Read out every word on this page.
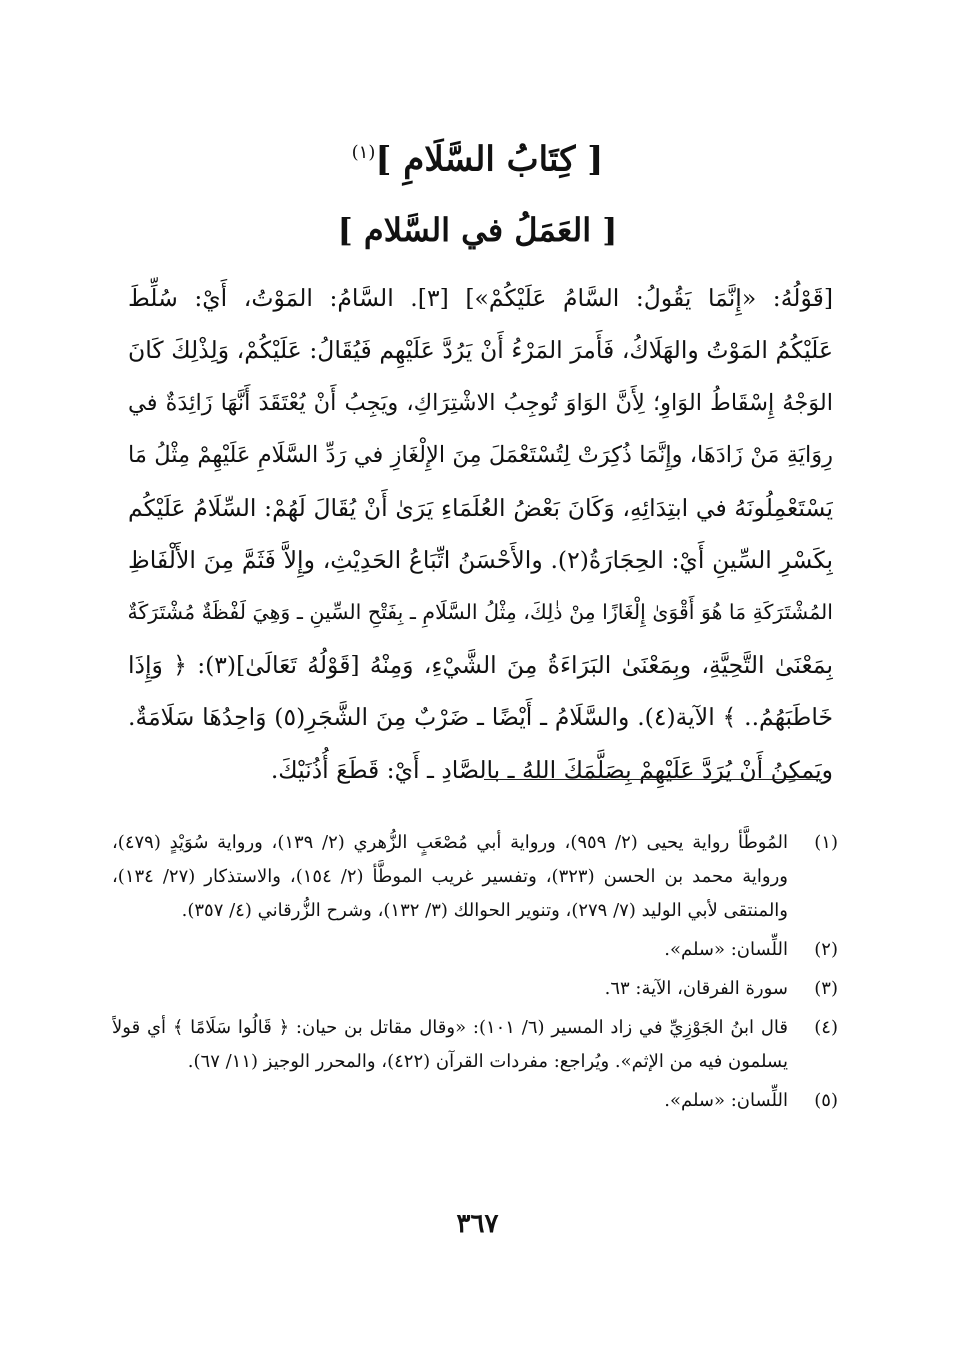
[ كِتَابُ السَّلَامِ ]$^{(١)}$
[ العَمَلُ في السَّلام ]
[قَوْلُهُ: «إِنَّمَا يَقُولُ: السَّامُ عَلَيْكُمْ»] [٣]. السَّامُ: المَوْتُ، أَيْ: سُلِّطَ
عَلَيْكُمُ المَوْتُ والهَلَاكُ، فَأَمرَ المَرْءُ أَنْ يَرُدَّ عَلَيْهِم فَيُقَالُ: عَلَيْكُمْ، وَلِذْلِكَ كَانَ
الوَجْهُ إِسْقَاطُ الوَاوِ؛ لِأَنَّ الوَاوَ تُوجِبُ الاشْتِرَاكِ، ويَجِبُ أَنْ يُعْتَقَدَ أَنَّهَا زَائِدَةٌ في
رِوَايَةِ مَنْ زَادَهَا، وإِنَّمَا ذُكِرَتْ لِتُسْتَعْمَلَ مِنَ الإِلْغَازِ في رَدِّ السَّلَامِ عَلَيْهِمْ مِثْلُ مَا
يَسْتَعْمِلُونَهُ في ابتِدَائِهِ، وَكَانَ بَعْضُ العُلَمَاءِ يَرَىٰ أَنْ يُقَالَ لَهُمْ: السِّلَامُ عَلَيْكُم
بِكَسْرِ السِّينِ أَيْ: الحِجَارَةُ(٢). والأَحْسَنُ اتِّبَاعُ الحَدِيْثِ، وإِلاَّ فَثَمَّ مِنَ الأَلْفَاظِ
المُشْتَرَكَةِ مَا هُوَ أَقْوَىٰ إِلْغَازًا مِنْ ذٰلِكَ، مِثْلُ السَّلَامِ ـ بِفَتْحِ السِّينِ ـ وَهِيَ لَفْظَةٌ مُشْتَرَكَةٌ
بِمَعْنَىٰ التَّحِيَّةِ، وبِمَعْنَىٰ البَرَاءَةُ مِنَ الشَّيْءِ، وَمِنْهُ [قَوْلُهُ تَعَالَىٰ](٣): ﴿ وَإِذَا
خَاطَبَهُمُ.. ﴾ الآية(٤). والسَّلَامُ ـ أَيْضًا ـ ضَرْبٌ مِنَ الشَّجَرِ(٥) وَاحِدُهَا سَلَامَةٌ.
ويَمكِنُ أَنْ يُرَدَّ عَلَيْهِمْ بِصَلَّمَكَ اللهُ ـ بالصَّادِ ـ أَيْ: قَطَعَ أُذُنَيْكَ.
(١)
المُوطَّأ رواية يحيى (٢/ ٩٥٩)، ورواية أبي مُصْعَبٍ الزُّهري (٢/ ١٣٩)، ورواية سُوَيْدٍ (٤٧٩)،
ورواية محمد بن الحسن (٣٢٣)، وتفسير غريب الموطَّأ (٢/ ١٥٤)، والاستذكار (٢٧/ ١٣٤)،
والمنتقى لأبي الوليد (٧/ ٢٧٩)، وتنوير الحوالك (٣/ ١٣٢)، وشرح الزُّرقاني (٤/ ٣٥٧).
(٢)
اللِّسان: «سلم».
(٣)
سورة الفرقان، الآية: ٦٣.
(٤)
قال ابنُ الجَوْزِيِّ في زاد المسير (٦/ ١٠١): «وقال مقاتل بن حيان: ﴿ قَالُوا سَلَامًا ﴾ أي قولاً
يسلمون فيه من الإثم». ويُراجع: مفردات القرآن (٤٢٢)، والمحرر الوجيز (١١/ ٦٧).
(٥)
اللِّسان: «سلم».
٣٦٧
